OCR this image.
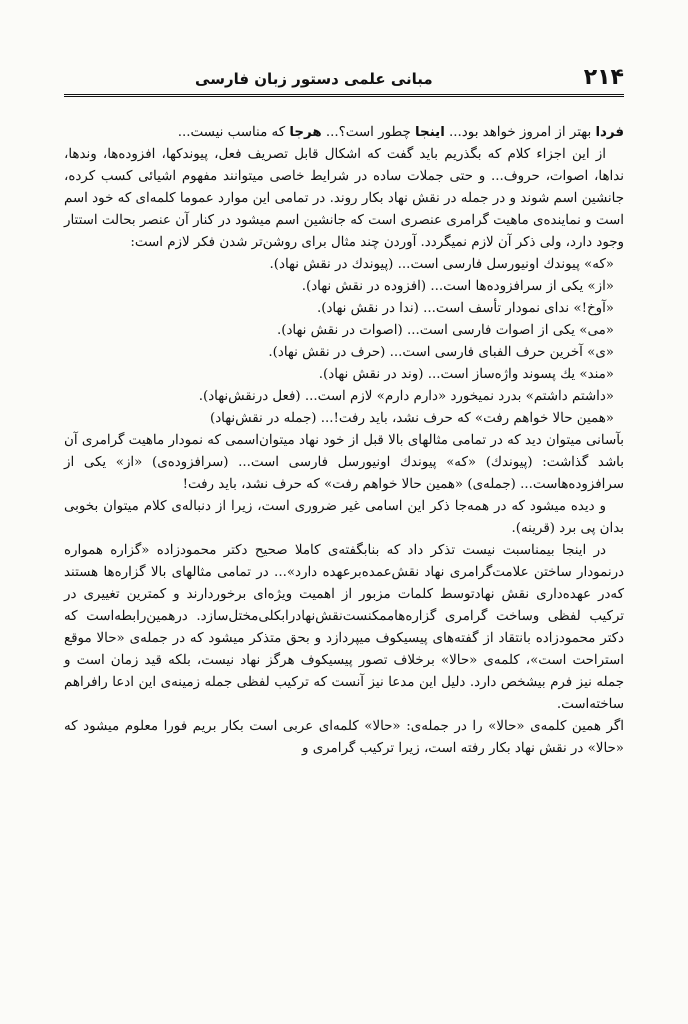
۲۱۴
مبانی علمی دستور زبان فارسی

فردا بهتر از امروز خواهد بود... اینجا چطور است؟... هرجا که مناسب نیست...

از این اجزاء کلام که بگذریم باید گفت که اشکال قابل تصریف فعل، پیوندکها، افزوده‌ها، وندها، نداها، اصوات، حروف... و حتی جملات ساده در شرایط خاصی میتوانند مفهوم اشیائی کسب کرده، جانشین اسم شوند و در جمله در نقش نهاد بکار روند. در تمامی این موارد عموما کلمه‌ای که خود اسم است و نماینده‌ی ماهیت گرامری عنصری است که جانشین اسم میشود در کنار آن عنصر بحالت استتار وجود دارد، ولی ذکر آن لازم نمیگردد. آوردن چند مثال برای روشن‌تر شدن فکر لازم است:

«که» پیوندك اونیورسل فارسی است... (پیوندك در نقش نهاد).

«از» یکی از سرافزوده‌ها است... (افزوده در نقش نهاد).

«آوخ!» ندای نمودار تأسف است... (ندا در نقش نهاد).

«می» یکی از اصوات فارسی است... (اصوات در نقش نهاد).

«ی» آخرین حرف الفبای فارسی است... (حرف در نقش نهاد).

«مند» یك پسوند واژه‌ساز است... (وند در نقش نهاد).

«داشتم داشتم» بدرد نمیخورد «دارم دارم» لازم است... (فعل درنقش‌نهاد).

«همین حالا خواهم رفت» که حرف نشد، باید رفت!... (جمله در نقش‌نهاد)

بآسانی میتوان دید که در تمامی مثالهای بالا قبل از خود نهاد میتوان‌اسمی که نمودار ماهیت گرامری آن باشد گذاشت: (پیوندك) «که» پیوندك اونیورسل فارسی است... (سرافزوده‌ی) «از» یکی از سرافزوده‌هاست... (جمله‌ی) «همین حالا خواهم رفت» که حرف نشد، باید رفت!

و دیده میشود که در همه‌جا ذکر این اسامی غیر ضروری است، زیرا از دنباله‌ی کلام میتوان بخوبی بدان پی برد (قرینه).

در اینجا بیمناسبت نیست تذکر داد که بنابگفته‌ی کاملا صحیح دکتر محمودزاده «گزاره همواره درنمودار ساختن علامت‌گرامری نهاد نقش‌عمده‌برعهده دارد»... در تمامی مثالهای بالا گزاره‌ها هستند که‌در عهده‌داری نقش نهادتوسط کلمات مزبور از اهمیت ویژه‌ای برخوردارند و کمترین تغییری در ترکیب لفظی وساخت گرامری گزاره‌هاممکنست‌نقش‌نهادرابکلی‌مختل‌سازد. درهمین‌رابطه‌است که دکتر محمودزاده بانتقاد از گفته‌های پیسیکوف میپردازد و بحق متذکر میشود که در جمله‌ی «حالا موقع استراحت است»، کلمه‌ی «حالا» برخلاف تصور پیسیکوف هرگز نهاد نیست، بلکه قید زمان است و جمله نیز فرم بیشخص دارد. دلیل این مدعا نیز آنست که ترکیب لفظی جمله زمینه‌ی این ادعا رافراهم ساخته‌است.

اگر همین کلمه‌ی «حالا» را در جمله‌ی: «حالا» کلمه‌ای عربی است بکار بریم فورا معلوم میشود که «حالا» در نقش نهاد بکار رفته است، زیرا ترکیب گرامری و
